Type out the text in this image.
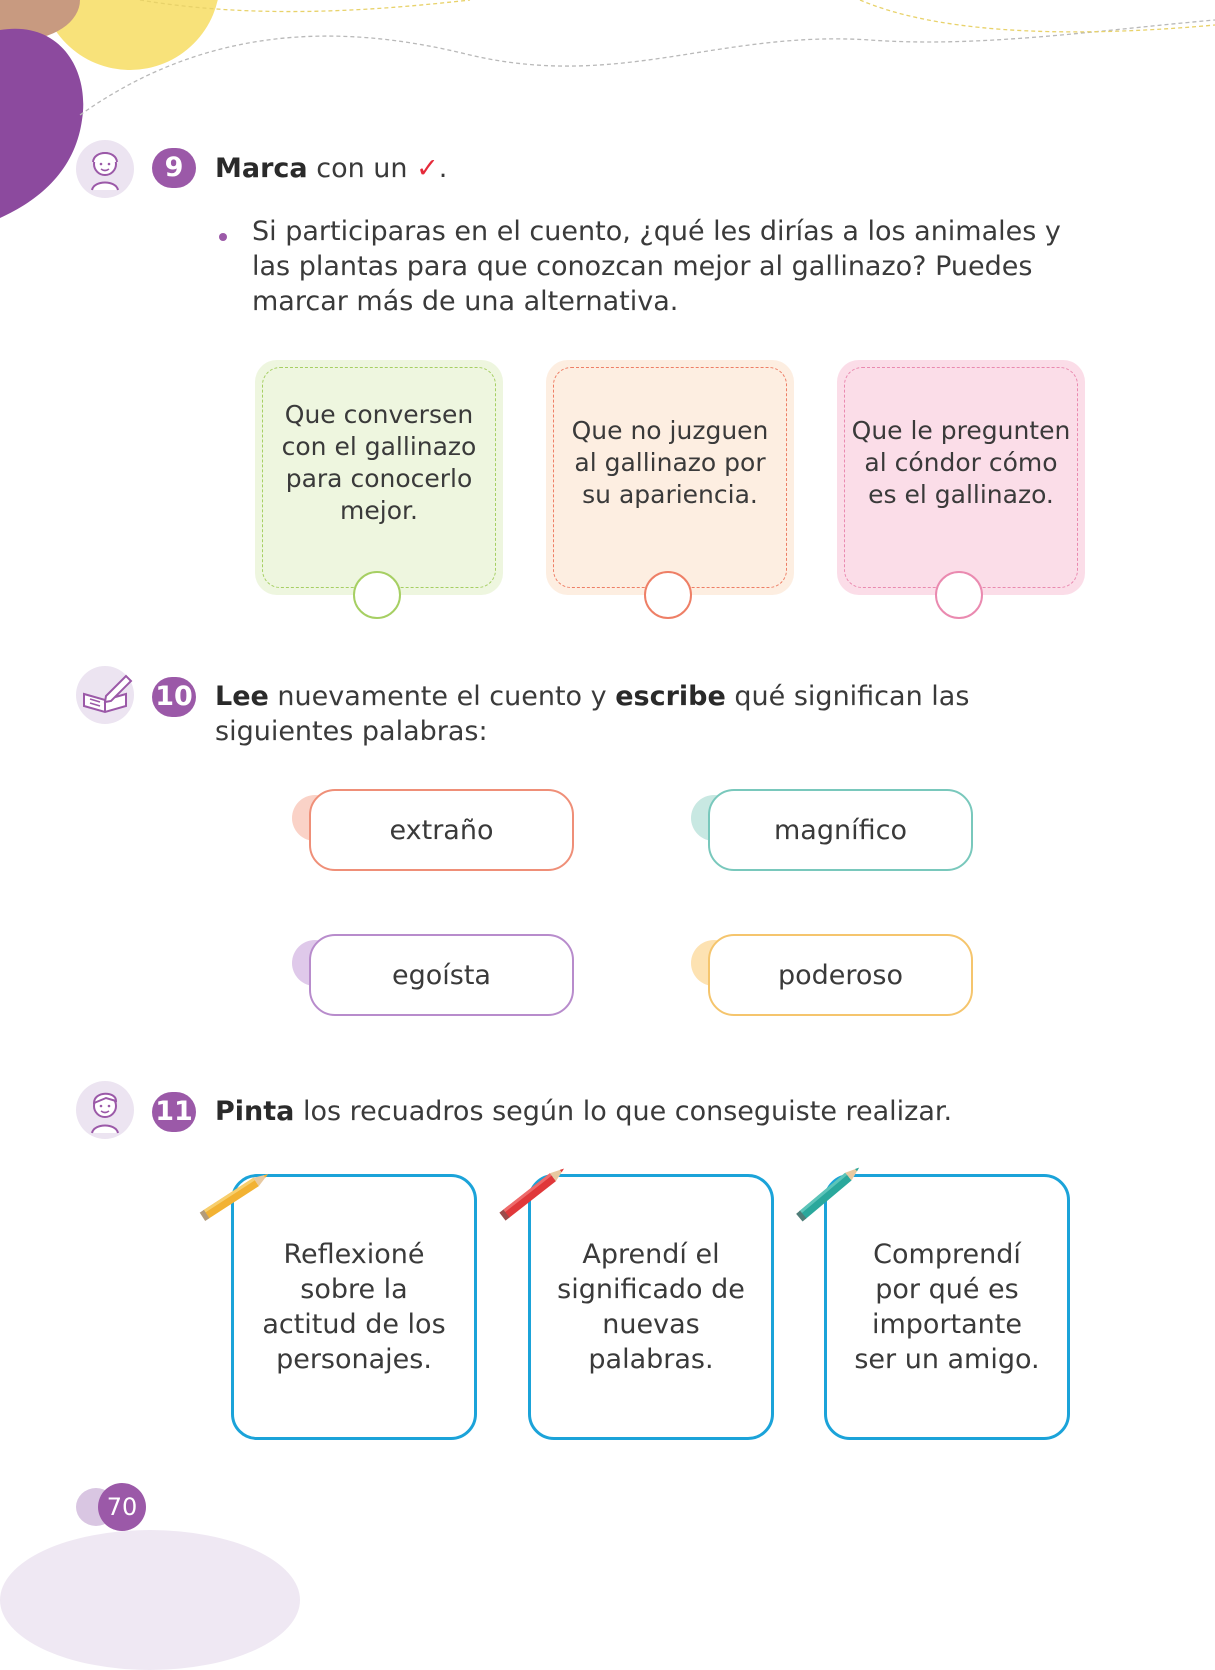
9	Marca con un ✓.
Si participaras en el cuento, ¿qué les dirías a los animales y las plantas para que conozcan mejor al gallinazo? Puedes marcar más de una alternativa.
Que conversen con el gallinazo para conocerlo mejor.
Que no juzguen al gallinazo por su apariencia.
Que le pregunten al cóndor cómo es el gallinazo.
10 Lee nuevamente el cuento y escribe qué significan las siguientes palabras:
extraño	magnífico
egoísta	poderoso
11 Pinta los recuadros según lo que conseguiste realizar.
Reflexioné sobre la actitud de los personajes.
Aprendí el significado de nuevas palabras.
Comprendí por qué es importante ser un amigo.
70
